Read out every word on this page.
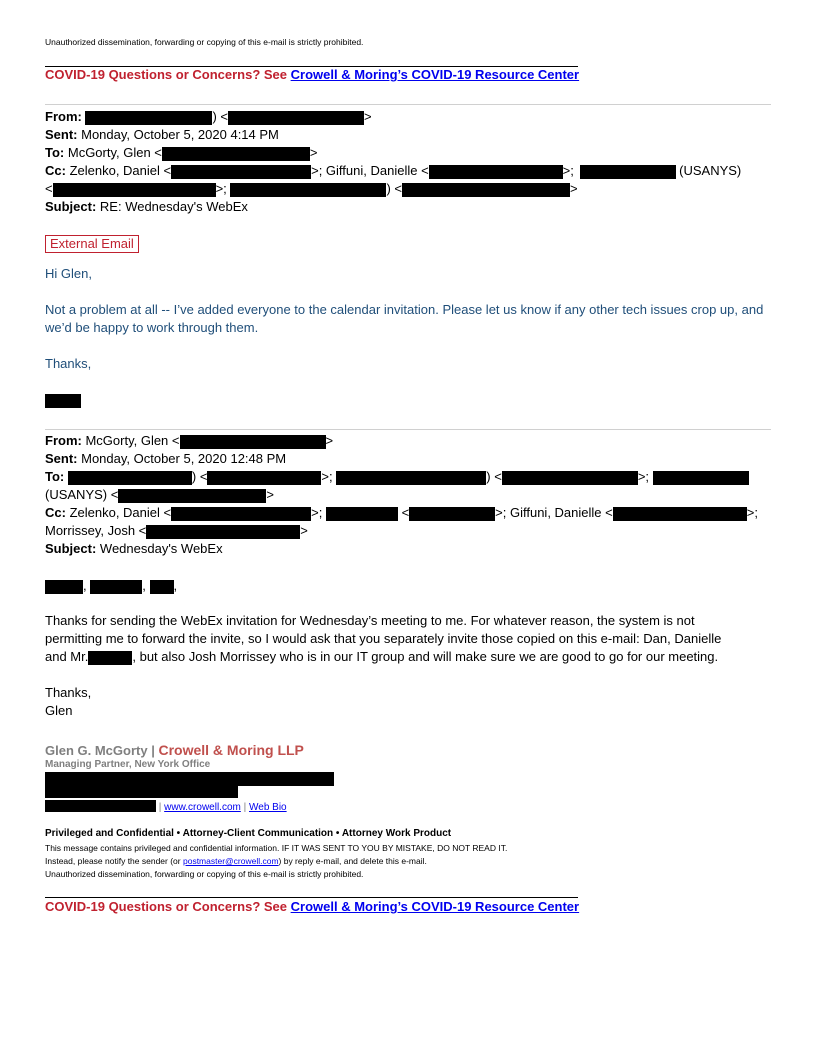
Unauthorized dissemination, forwarding or copying of this e-mail is strictly prohibited.
COVID-19 Questions or Concerns? See Crowell & Moring’s COVID-19 Resource Center
From:	) <	>
Sent: Monday, October 5, 2020 4:14 PM
To: McGorty, Glen <	>
Cc: Zelenko, Daniel <	>; Giffuni, Danielle <	>;	(USANYS)
<	>;	) <	>
Subject: RE: Wednesday's WebEx
External Email
Hi Glen,
Not a problem at all -- I’ve added everyone to the calendar invitation. Please let us know if any other tech issues crop up, and we’d be happy to work through them.
Thanks,
From: McGorty, Glen <	>
Sent: Monday, October 5, 2020 12:48 PM
To:	) <	>;	) <	>;
(USANYS) <	>
Cc: Zelenko, Daniel <	>;	<	>; Giffuni, Danielle <	>;
Morrissey, Josh <	>
Subject: Wednesday's WebEx
,	, ,
Thanks for sending the WebEx invitation for Wednesday’s meeting to me. For whatever reason, the system is not
permitting me to forward the invite, so I would ask that you separately invite those copied on this e-mail: Dan, Danielle
and Mr.	, but also Josh Morrissey who is in our IT group and will make sure we are good to go for our meeting.
Thanks,
Glen
Glen G. McGorty | Crowell & Moring LLP
Managing Partner, New York Office
| www.crowell.com | Web Bio
Privileged and Confidential • Attorney-Client Communication • Attorney Work Product
This message contains privileged and confidential information. IF IT WAS SENT TO YOU BY MISTAKE, DO NOT READ IT.
Instead, please notify the sender (or postmaster@crowell.com) by reply e-mail, and delete this e-mail.
Unauthorized dissemination, forwarding or copying of this e-mail is strictly prohibited.
COVID-19 Questions or Concerns? See Crowell & Moring’s COVID-19 Resource Center
